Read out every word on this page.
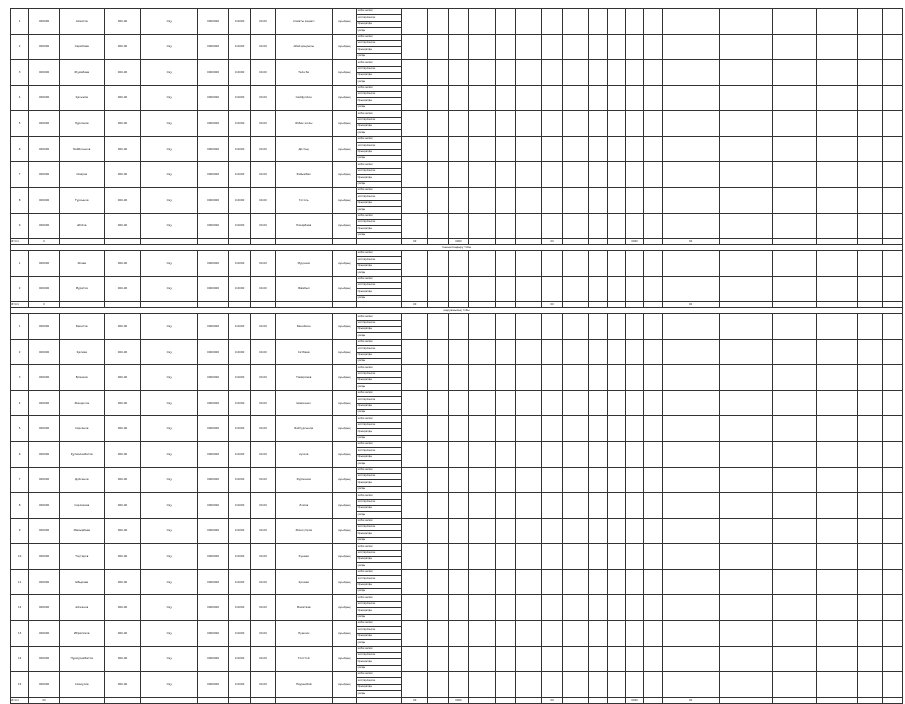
1	000000	Ахметов	000-00	Оқу	0000000	0.0000	00.00	Алматы көшесі	ауылдық	жоба көлемі																		
										жоспарланған																		
										Орындалды																		
										қалды																		
2	000000	Серікбаев	000-00	Оқу	0000000	0.0000	00.00	Абай даңғылы	ауылдық	жоба көлемі																		
										жоспарланған																		
										Орындалды																		
										қалды																		
3	000000	Жұмабаев	000-00	Оқу	0000000	0.0000	00.00	Төле би	ауылдық	жоба көлемі																		
										жоспарланған																		
										Орындалды																		
										қалды																		
4	000000	Қасымов	000-00	Оқу	0000000	0.0000	00.00	Сейфуллин	ауылдық	жоба көлемі																		
										жоспарланған																		
										Орындалды																		
										қалды																		
5	000000	Нұрланов	000-00	Оқу	0000000	0.0000	00.00	Жібек жолы	ауылдық	жоба көлемі																		
										жоспарланған																		
										Орындалды																		
										қалды																		
6	000000	Байбосынов	000-00	Оқу	0000000	0.0000	00.00	Достық	ауылдық	жоба көлемі																		
										жоспарланған																		
										Орындалды																		
										қалды																		
7	000000	Омаров	000-00	Оқу	0000000	0.0000	00.00	Райымбек	ауылдық	жоба көлемі																		
										жоспарланған																		
										Орындалды																		
										қалды																		
8	000000	Тұрсынов	000-00	Оқу	0000000	0.0000	00.00	Гоголь	ауылдық	жоба көлемі																		
										жоспарланған																		
										Орындалды																		
										қалды																		
9	000000	Әбілов	000-00	Оқу	0000000	0.0000	00.00	Назарбаев	ауылдық	жоба көлемі																		
										жоспарланған																		
										Орындалды																		
										қалды																		
Итого	0										00		0000				00				0000		00					
тыныштандыру тобы																												
1	000000	Исаев	000-00	Оқу	0000000	0.0000	00.00	Мұқанов	ауылдық	жоба көлемі																		
										жоспарланған																		
										Орындалды																		
										қалды																		
2	000000	Мұратов	000-00	Оқу	0000000	0.0000	00.00	Жамбыл	ауылдық	жоба көлемі																		
										жоспарланған																		
										Орындалды																		
										қалды																		
Итого	0										00						00						00					
шаруашылық тобы																												
1	000000	Бекетов	000-00	Оқу	0000000	0.0000	00.00	Бөкейхан	ауылдық	жоба көлемі																		
										жоспарланған																		
										Орындалды																		
										қалды																		
2	000000	Қалиев	000-00	Оқу	0000000	0.0000	00.00	Сәтбаев	ауылдық	жоба көлемі																		
										жоспарланған																		
										Орындалды																		
										қалды																		
3	000000	Ермеков	000-00	Оқу	0000000	0.0000	00.00	Тимирязев	ауылдық	жоба көлемі																		
										жоспарланған																		
										Орындалды																		
										қалды																		
4	000000	Жандосов	000-00	Оқу	0000000	0.0000	00.00	Шевченко	ауылдық	жоба көлемі																		
										жоспарланған																		
										Орындалды																		
										қалды																		
5	000000	Сәрсенов	000-00	Оқу	0000000	0.0000	00.00	Байтұрсынов	ауылдық	жоба көлемі																		
										жоспарланған																		
										Орындалды																		
										қалды																		
6	000000	Құлмағанбетов	000-00	Оқу	0000000	0.0000	00.00	Ауэзов	ауылдық	жоба көлемі																		
										жоспарланған																		
										Орындалды																		
										қалды																		
7	000000	Дүйсенов	000-00	Оқу	0000000	0.0000	00.00	Фурманов	ауылдық	жоба көлемі																		
										жоспарланған																		
										Орындалды																		
										қалды																		
8	000000	Серғазиев	000-00	Оқу	0000000	0.0000	00.00	Ломов	ауылдық	жоба көлемі																		
										жоспарланған																		
										Орындалды																		
										қалды																		
9	000000	Мамырбаев	000-00	Оқу	0000000	0.0000	00.00	Жансүгіров	ауылдық	жоба көлемі																		
										жоспарланған																		
										Орындалды																		
										қалды																		
10	000000	Тоқтаров	000-00	Оқу	0000000	0.0000	00.00	Кунаев	ауылдық	жоба көлемі																		
										жоспарланған																		
										Орындалды																		
										қалды																		
11	000000	Ыбыраев	000-00	Оқу	0000000	0.0000	00.00	Қонаев	ауылдық	жоба көлемі																		
										жоспарланған																		
										Орындалды																		
										қалды																		
12	000000	Әлжанов	000-00	Оқу	0000000	0.0000	00.00	Макатаев	ауылдық	жоба көлемі																		
										жоспарланған																		
										Орындалды																		
										қалды																		
13	000000	Ибрагимов	000-00	Оқу	0000000	0.0000	00.00	Пушкин	ауылдық	жоба көлемі																		
										жоспарланған																		
										Орындалды																		
										қалды																		
14	000000	Нұрмұхамбетов	000-00	Оқу	0000000	0.0000	00.00	Толстой	ауылдық	жоба көлемі																		
										жоспарланған																		
										Орындалды																		
										қалды																		
15	000000	Смағұлов	000-00	Оқу	0000000	0.0000	00.00	Наурызбай	ауылдық	жоба көлемі																		
										жоспарланған																		
										Орындалды																		
										қалды																		
Итого	00										00		0000				00				0000		00					
